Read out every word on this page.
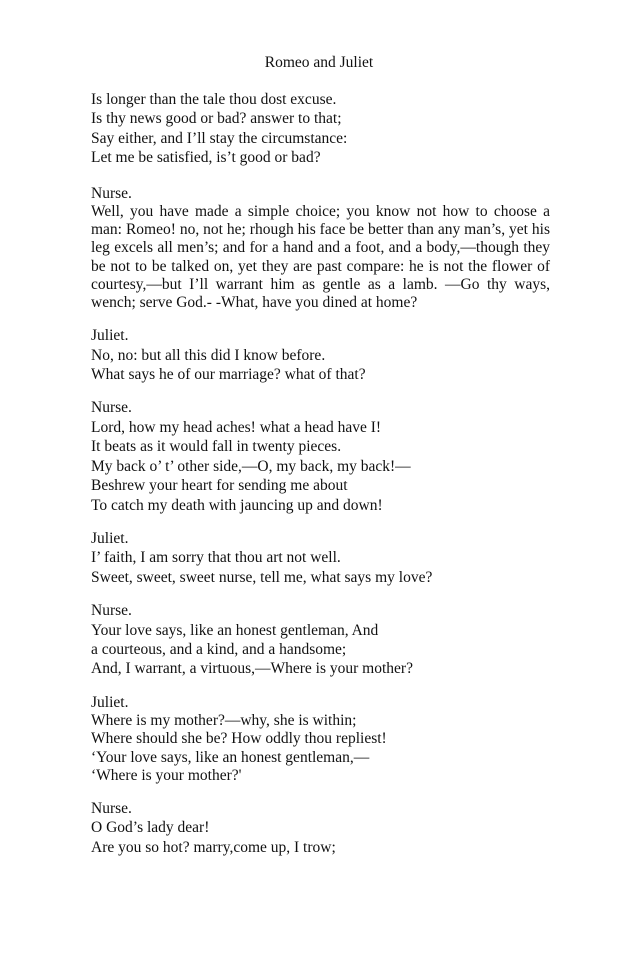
Romeo and Juliet

Is longer than the tale thou dost excuse.

Is thy news good or bad? answer to that;

Say either, and I’ll stay the circumstance:

Let me be satisfied, is’t good or bad?

Nurse.

Well, you have made a simple choice; you know not how to choose a man: Romeo! no, not he; rhough his face be better than any man’s, yet his leg excels all men’s; and for a hand and a foot, and a body,—though they be not to be talked on, yet they are past compare: he is not the flower of courtesy,—but I’ll warrant him as gentle as a lamb. —Go thy ways, wench; serve God.- -What, have you dined at home?

Juliet.

No, no: but all this did I know before.

What says he of our marriage? what of that?

Nurse.

Lord, how my head aches! what a head have I!

It beats as it would fall in twenty pieces.

My back o’ t’ other side,—O, my back, my back!—

Beshrew your heart for sending me about

To catch my death with jauncing up and down!

Juliet.

I’ faith, I am sorry that thou art not well.

Sweet, sweet, sweet nurse, tell me, what says my love?

Nurse.

Your love says, like an honest gentleman, And

a courteous, and a kind, and a handsome;

And, I warrant, a virtuous,—Where is your mother?

Juliet.

Where is my mother?—why, she is within;

Where should she be? How oddly thou repliest!

‘Your love says, like an honest gentleman,—

‘Where is your mother?'

Nurse.

O God’s lady dear!

Are you so hot? marry,come up, I trow;
